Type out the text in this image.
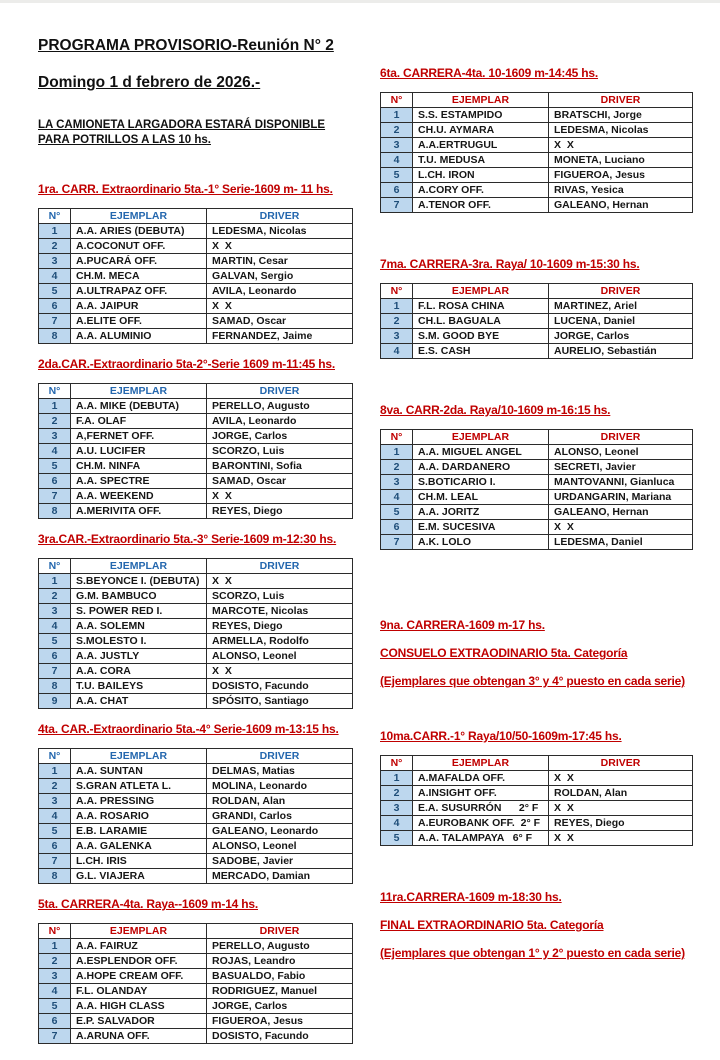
PROGRAMA PROVISORIO-Reunión N° 2
Domingo 1 d febrero de 2026.-
LA CAMIONETA LARGADORA ESTARÁ DISPONIBLE
PARA POTRILLOS A LAS 10 hs.
1ra. CARR. Extraordinario 5ta.-1° Serie-1609 m- 11 hs.
N°	EJEMPLAR	DRIVER
1	A.A. ARIES (DEBUTA)	LEDESMA, Nicolas
2	A.COCONUT OFF.	X  X
3	A.PUCARÁ OFF.	MARTIN, Cesar
4	CH.M. MECA	GALVAN, Sergio
5	A.ULTRAPAZ OFF.	AVILA, Leonardo
6	A.A. JAIPUR	X  X
7	A.ELITE OFF.	SAMAD, Oscar
8	A.A. ALUMINIO	FERNANDEZ, Jaime
2da.CAR.-Extraordinario 5ta-2°-Serie 1609 m-11:45 hs.
N°	EJEMPLAR	DRIVER
1	A.A. MIKE (DEBUTA)	PERELLO, Augusto
2	F.A. OLAF	AVILA, Leonardo
3	A,FERNET OFF.	JORGE, Carlos
4	A.U. LUCIFER	SCORZO, Luis
5	CH.M. NINFA	BARONTINI, Sofia
6	A.A. SPECTRE	SAMAD, Oscar
7	A.A. WEEKEND	X  X
8	A.MERIVITA OFF.	REYES, Diego
3ra.CAR.-Extraordinario 5ta.-3° Serie-1609 m-12:30 hs.
N°	EJEMPLAR	DRIVER
1	S.BEYONCE I. (DEBUTA)	X  X
2	G.M. BAMBUCO	SCORZO, Luis
3	S. POWER RED I.	MARCOTE, Nicolas
4	A.A. SOLEMN	REYES, Diego
5	S.MOLESTO I.	ARMELLA, Rodolfo
6	A.A. JUSTLY	ALONSO, Leonel
7	A.A. CORA	X  X
8	T.U. BAILEYS	DOSISTO, Facundo
9	A.A. CHAT	SPÓSITO, Santiago
4ta. CAR.-Extraordinario 5ta.-4° Serie-1609 m-13:15 hs.
N°	EJEMPLAR	DRIVER
1	A.A. SUNTAN	DELMAS, Matias
2	S.GRAN ATLETA L.	MOLINA, Leonardo
3	A.A. PRESSING	ROLDAN, Alan
4	A.A. ROSARIO	GRANDI, Carlos
5	E.B. LARAMIE	GALEANO, Leonardo
6	A.A. GALENKA	ALONSO, Leonel
7	L.CH. IRIS	SADOBE, Javier
8	G.L. VIAJERA	MERCADO, Damian
5ta. CARRERA-4ta. Raya--1609 m-14 hs.
N°	EJEMPLAR	DRIVER
1	A.A. FAIRUZ	PERELLO, Augusto
2	A.ESPLENDOR OFF.	ROJAS, Leandro
3	A.HOPE CREAM OFF.	BASUALDO, Fabio
4	F.L. OLANDAY	RODRIGUEZ, Manuel
5	A.A. HIGH CLASS	JORGE, Carlos
6	E.P. SALVADOR	FIGUEROA, Jesus
7	A.ARUNA OFF.	DOSISTO, Facundo
6ta. CARRERA-4ta. 10-1609 m-14:45 hs.
N°	EJEMPLAR	DRIVER
1	S.S. ESTAMPIDO	BRATSCHI, Jorge
2	CH.U. AYMARA	LEDESMA, Nicolas
3	A.A.ERTRUGUL	X  X
4	T.U. MEDUSA	MONETA, Luciano
5	L.CH. IRON	FIGUEROA, Jesus
6	A.CORY OFF.	RIVAS, Yesica
7	A.TENOR OFF.	GALEANO, Hernan
7ma. CARRERA-3ra. Raya/ 10-1609 m-15:30 hs.
N°	EJEMPLAR	DRIVER
1	F.L. ROSA CHINA	MARTINEZ, Ariel
2	CH.L. BAGUALA	LUCENA, Daniel
3	S.M. GOOD BYE	JORGE, Carlos
4	E.S. CASH	AURELIO, Sebastián
8va. CARR-2da. Raya/10-1609 m-16:15 hs.
N°	EJEMPLAR	DRIVER
1	A.A. MIGUEL ANGEL	ALONSO, Leonel
2	A.A. DARDANERO	SECRETI, Javier
3	S.BOTICARIO I.	MANTOVANNI, Gianluca
4	CH.M. LEAL	URDANGARIN, Mariana
5	A.A. JORITZ	GALEANO, Hernan
6	E.M. SUCESIVA	X  X
7	A.K. LOLO	LEDESMA, Daniel
9na. CARRERA-1609 m-17 hs.
CONSUELO EXTRAODINARIO 5ta. Categoría
(Ejemplares que obtengan 3° y 4° puesto en cada serie)
10ma.CARR.-1° Raya/10/50-1609m-17:45 hs.
N°	EJEMPLAR	DRIVER
1	A.MAFALDA OFF.	X  X
2	A.INSIGHT OFF.	ROLDAN, Alan
3	E.A. SUSURRÓN      2° F	X  X
4	A.EUROBANK OFF.  2° F	REYES, Diego
5	A.A. TALAMPAYA   6° F	X  X
11ra.CARRERA-1609 m-18:30 hs.
FINAL EXTRAORDINARIO 5ta. Categoría
(Ejemplares que obtengan 1° y 2° puesto en cada serie)
